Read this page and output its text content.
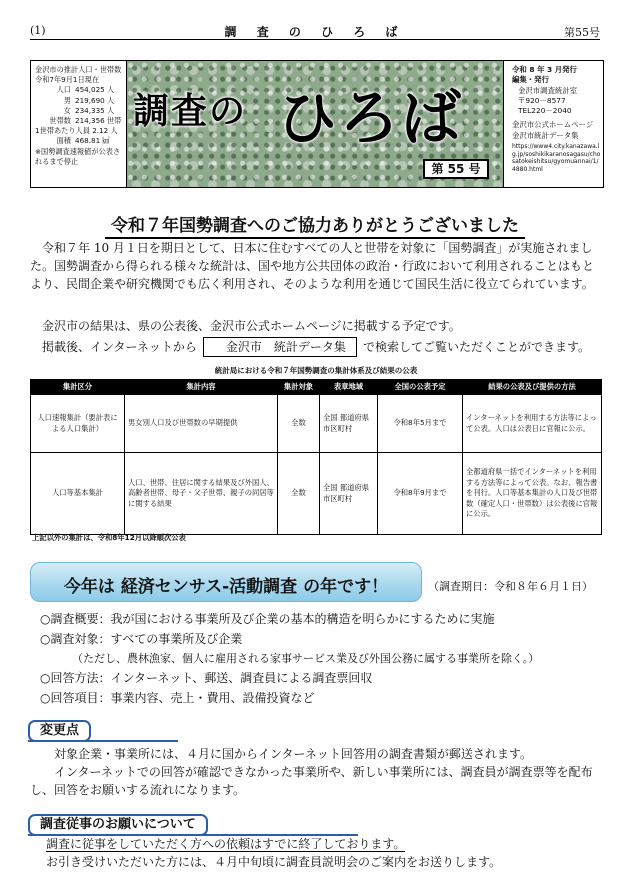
(1)	調 査 の ひ ろ ば	第55号
金沢市の推計人口・世帯数
令和7年9月1日現在
人口 454,025 人
男 219,690 人
女 234,335 人
世帯数 214,356 世帯
1世帯あたり人員
2.12 人
面積 468.81 ㎢
※国勢調査速報値が公表されるまで停止
調査の ひろば
第 55 号
令和 8 年 3 月発行
編集・発行
金沢市調査統計室
〒920－8577
TEL220－2040
金沢市公式ホームページ
金沢市統計データ集
https://www4.city.kanazawa.lg.jp/soshikikaranosagasu/chosatokeishitsu/gyomuannai/1/4880.html
令和７年国勢調査へのご協力ありがとうございました
令和７年 10 月１日を期日として、日本に住むすべての人と世帯を対象に「国勢調査」が実施されました。国勢調査から得られる様々な統計は、国や地方公共団体の政治・行政において利用されることはもとより、民間企業や研究機関でも広く利用され、そのような利用を通じて国民生活に役立てられています。
金沢市の結果は、県の公表後、金沢市公式ホームページに掲載する予定です。
掲載後、インターネットから 金沢市　統計データ集 で検索してご覧いただくことができます。
統計局における令和７年国勢調査の集計体系及び結果の公表
集計区分	集計内容	集計対象	表章地域	全国の公表予定	結果の公表及び提供の方法
人口速報集計（要計表による人口集計）	男女別人口及び世帯数の早期提供	全数	全国 都道府県 市区町村	令和8年5月まで	インターネットを利用する方法等によって公表。人口は公表日に官報に公示。
人口等基本集計	人口、世帯、住居に関する結果及び外国人、高齢者世帯、母子・父子世帯、親子の同居等に関する結果	全数	全国 都道府県 市区町村	令和8年9月まで	全都道府県一括でインターネットを利用する方法等によって公表。なお、報告書を刊行。人口等基本集計の人口及び世帯数（確定人口・世帯数）は公表後に官報に公示。
上記以外の集計は、令和8年12月以降順次公表
今年は 経済センサス‐活動調査 の年です！	（調査期日：令和８年６月１日）
○調査概要：我が国における事業所及び企業の基本的構造を明らかにするために実施
○調査対象：すべての事業所及び企業
（ただし、農林漁家、個人に雇用される家事サービス業及び外国公務に属する事業所を除く。）
○回答方法：インターネット、郵送、調査員による調査票回収
○回答項目：事業内容、売上・費用、設備投資など
変更点
対象企業・事業所には、４月に国からインターネット回答用の調査書類が郵送されます。
インターネットでの回答が確認できなかった事業所や、新しい事業所には、調査員が調査票等を配布し、回答をお願いする流れになります。
調査従事のお願いについて
調査に従事をしていただく方への依頼はすでに終了しております。
お引き受けいただいた方には、４月中旬頃に調査員説明会のご案内をお送りします。
